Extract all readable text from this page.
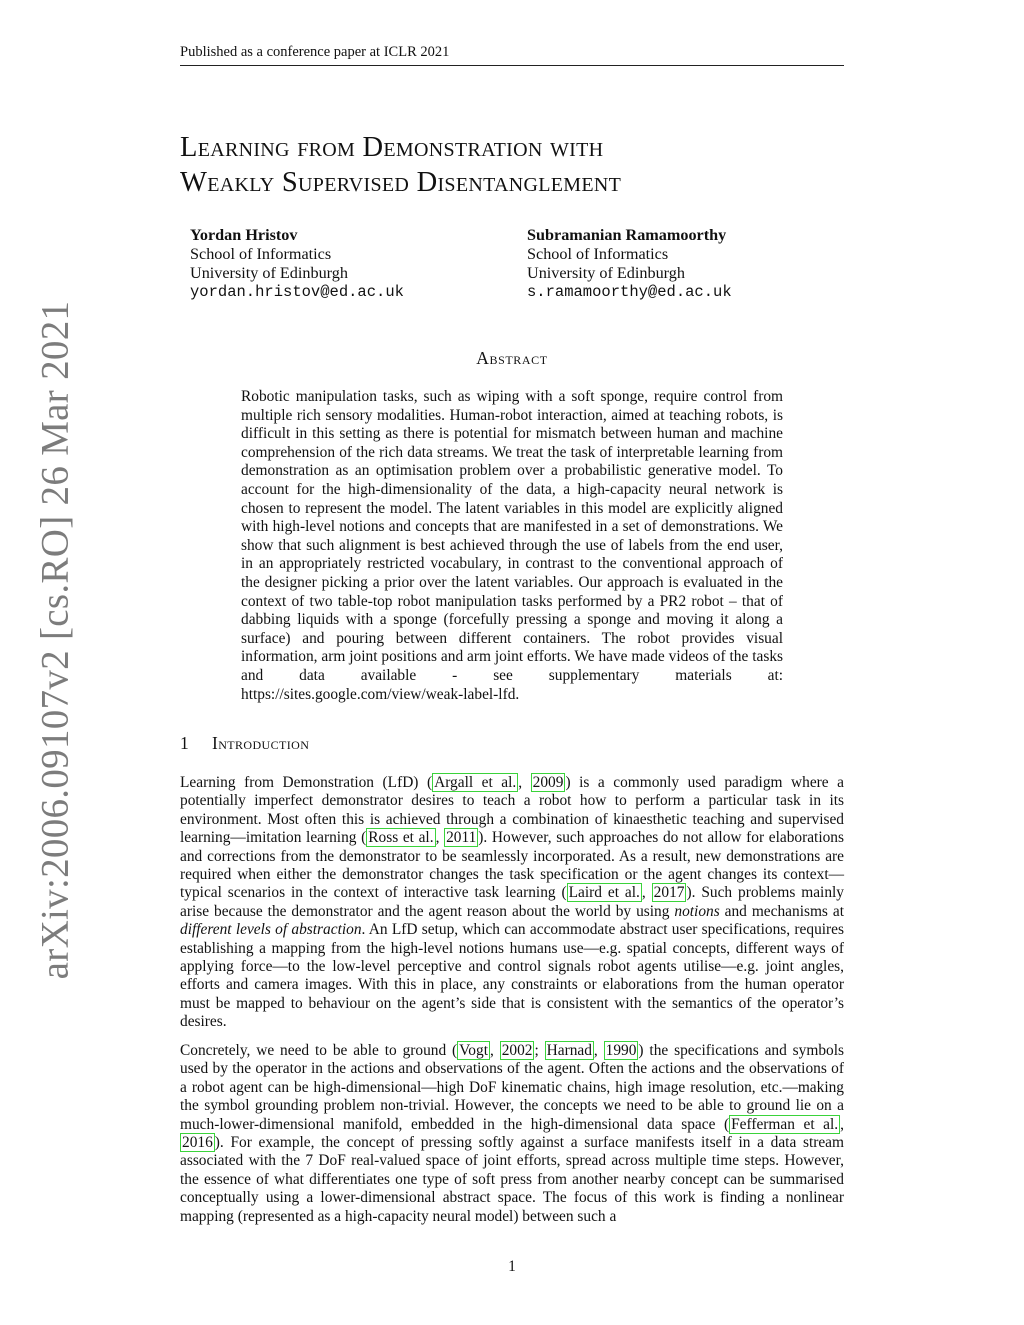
Published as a conference paper at ICLR 2021
Learning from Demonstration with
Weakly Supervised Disentanglement
Yordan Hristov
School of Informatics
University of Edinburgh
yordan.hristov@ed.ac.uk
Subramanian Ramamoorthy
School of Informatics
University of Edinburgh
s.ramamoorthy@ed.ac.uk
Abstract
Robotic manipulation tasks, such as wiping with a soft sponge, require control from multiple rich sensory modalities. Human-robot interaction, aimed at teaching robots, is difficult in this setting as there is potential for mismatch between human and machine comprehension of the rich data streams. We treat the task of interpretable learning from demonstration as an optimisation problem over a probabilistic generative model. To account for the high-dimensionality of the data, a high-capacity neural network is chosen to represent the model. The latent variables in this model are explicitly aligned with high-level notions and concepts that are manifested in a set of demonstrations. We show that such alignment is best achieved through the use of labels from the end user, in an appropriately restricted vocabulary, in contrast to the conventional approach of the designer picking a prior over the latent variables. Our approach is evaluated in the context of two table-top robot manipulation tasks performed by a PR2 robot – that of dabbing liquids with a sponge (forcefully pressing a sponge and moving it along a surface) and pouring between different containers. The robot provides visual information, arm joint positions and arm joint efforts. We have made videos of the tasks and data available - see supplementary materials at: https://sites.google.com/view/weak-label-lfd.
1 Introduction
Learning from Demonstration (LfD) ( Argall et al. , 2009 ) is a commonly used paradigm where a potentially imperfect demonstrator desires to teach a robot how to perform a particular task in its environment. Most often this is achieved through a combination of kinaesthetic teaching and supervised learning—imitation learning ( Ross et al. , 2011 ). However, such approaches do not allow for elaborations and corrections from the demonstrator to be seamlessly incorporated. As a result, new demonstrations are required when either the demonstrator changes the task specification or the agent changes its context—typical scenarios in the context of interactive task learning ( Laird et al. , 2017 ). Such problems mainly arise because the demonstrator and the agent reason about the world by using notions and mechanisms at different levels of abstraction. An LfD setup, which can accommodate abstract user specifications, requires establishing a mapping from the high-level notions humans use—e.g. spatial concepts, different ways of applying force—to the low-level perceptive and control signals robot agents utilise—e.g. joint angles, efforts and camera images. With this in place, any constraints or elaborations from the human operator must be mapped to behaviour on the agent’s side that is consistent with the semantics of the operator’s desires.
Concretely, we need to be able to ground ( Vogt , 2002 ; Harnad , 1990 ) the specifications and symbols used by the operator in the actions and observations of the agent. Often the actions and the observations of a robot agent can be high-dimensional—high DoF kinematic chains, high image resolution, etc.—making the symbol grounding problem non-trivial. However, the concepts we need to be able to ground lie on a much-lower-dimensional manifold, embedded in the high-dimensional data space ( Fefferman et al. , 2016 ). For example, the concept of pressing softly against a surface manifests itself in a data stream associated with the 7 DoF real-valued space of joint efforts, spread across multiple time steps. However, the essence of what differentiates one type of soft press from another nearby concept can be summarised conceptually using a lower-dimensional abstract space. The focus of this work is finding a nonlinear mapping (represented as a high-capacity neural model) between such a
1
arXiv:2006.09107v2 [cs.RO] 26 Mar 2021
